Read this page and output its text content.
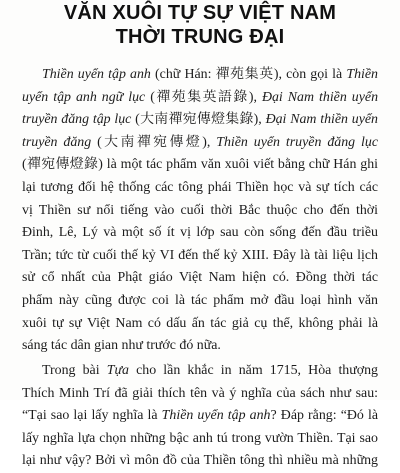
VĂN XUÔI TỰ SỰ VIỆT NAM
THỜI TRUNG ĐẠI
Thiền uyển tập anh (chữ Hán: 禪苑集英), còn gọi là Thiền
uyển tập anh ngữ lục (禪苑集英語錄), Đại Nam thiền uyển
truyền đăng tập lục (大南禪宛傳燈集錄), Đại Nam thiền uyển
truyền đăng (大南禪宛傳燈), Thiền uyển truyền đăng lục
(禪宛傳燈錄) là một tác phẩm văn xuôi viết bằng chữ Hán ghi
lại tương đối hệ thống các tông phái Thiền học và sự tích các
vị Thiền sư nổi tiếng vào cuối thời Bắc thuộc cho đến thời
Đinh, Lê, Lý và một số ít vị lớp sau còn sống đến đầu triều
Trần; tức từ cuối thế kỷ VI đến thế kỷ XIII. Đây là tài liệu lịch
sử cổ nhất của Phật giáo Việt Nam hiện có. Đồng thời tác
phẩm này cũng được coi là tác phẩm mở đầu loại hình văn
xuôi tự sự Việt Nam có dấu ấn tác giả cụ thể, không phải là
sáng tác dân gian như trước đó nữa.
Trong bài Tựa cho lần khắc in năm 1715, Hòa thượng
Thích Minh Trí đã giải thích tên và ý nghĩa của sách như sau:
“Tại sao lại lấy nghĩa là Thiền uyển tập anh? Đáp rằng: “Đó là
lấy nghĩa lựa chọn những bậc anh tú trong vườn Thiền. Tại sao
lại như vậy? Bởi vì môn đồ của Thiền tông thì nhiều mà những
